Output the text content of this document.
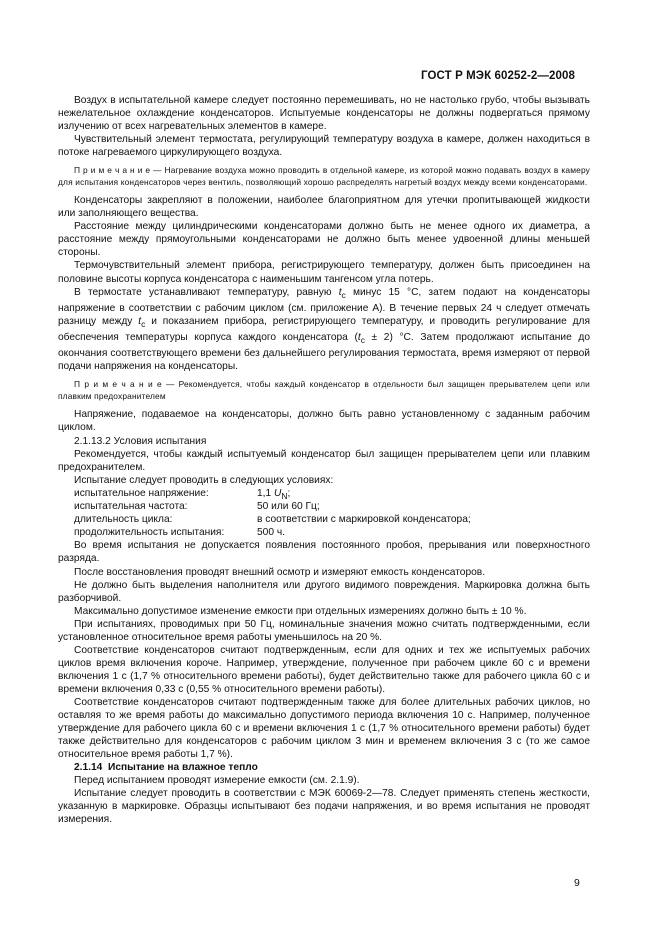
ГОСТ Р МЭК 60252-2—2008

Воздух в испытательной камере следует постоянно перемешивать, но не настолько грубо, чтобы вызывать нежелательное охлаждение конденсаторов. Испытуемые конденсаторы не должны подвергаться прямому излучению от всех нагревательных элементов в камере.

Чувствительный элемент термостата, регулирующий температуру воздуха в камере, должен находиться в потоке нагреваемого циркулирующего воздуха.

П р и м е ч а н и е — Нагревание воздуха можно проводить в отдельной камере, из которой можно подавать воздух в камеру для испытания конденсаторов через вентиль, позволяющий хорошо распределять нагретый воздух между всеми конденсаторами.

Конденсаторы закрепляют в положении, наиболее благоприятном для утечки пропитывающей жидкости или заполняющего вещества.

Расстояние между цилиндрическими конденсаторами должно быть не менее одного их диаметра, а расстояние между прямоугольными конденсаторами не должно быть менее удвоенной длины меньшей стороны.

Термочувствительный элемент прибора, регистрирующего температуру, должен быть присоединен на половине высоты корпуса конденсатора с наименьшим тангенсом угла потерь.

В термостате устанавливают температуру, равную $t_c$ минус 15 °С, затем подают на конденсаторы напряжение в соответствии с рабочим циклом (см. приложение А). В течение первых 24 ч следует отмечать разницу между $t_c$ и показанием прибора, регистрирующего температуру, и проводить регулирование для обеспечения температуры корпуса каждого конденсатора $(t_c \pm 2)$ °С. Затем продолжают испытание до окончания соответствующего времени без дальнейшего регулирования термостата, время измеряют от первой подачи напряжения на конденсаторы.

П р и м е ч а н и е — Рекомендуется, чтобы каждый конденсатор в отдельности был защищен прерывателем цепи или плавким предохранителем

Напряжение, подаваемое на конденсаторы, должно быть равно установленному с заданным рабочим циклом.

2.1.13.2 Условия испытания

Рекомендуется, чтобы каждый испытуемый конденсатор был защищен прерывателем цепи или плавким предохранителем.

Испытание следует проводить в следующих условиях:

испытательное напряжение:	1,1 $U_N$;
испытательная частота:	50 или 60 Гц;
длительность цикла:	в соответствии с маркировкой конденсатора;
продолжительность испытания:	500 ч.

Во время испытания не допускается появления постоянного пробоя, прерывания или поверхностного разряда.

После восстановления проводят внешний осмотр и измеряют емкость конденсаторов.

Не должно быть выделения наполнителя или другого видимого повреждения. Маркировка должна быть разборчивой.

Максимально допустимое изменение емкости при отдельных измерениях должно быть ± 10 %.

При испытаниях, проводимых при 50 Гц, номинальные значения можно считать подтвержденными, если установленное относительное время работы уменьшилось на 20 %.

Соответствие конденсаторов считают подтвержденным, если для одних и тех же испытуемых рабочих циклов время включения короче. Например, утверждение, полученное при рабочем цикле 60 с и времени включения 1 с (1,7 % относительного времени работы), будет действительно также для рабочего цикла 60 с и времени включения 0,33 с (0,55 % относительного времени работы).

Соответствие конденсаторов считают подтвержденным также для более длительных рабочих циклов, но оставляя то же время работы до максимально допустимого периода включения 10 с. Например, полученное утверждение для рабочего цикла 60 с и времени включения 1 с (1,7 % относительного времени работы) будет также действительно для конденсаторов с рабочим циклом 3 мин и временем включения 3 с (то же самое относительное время работы 1,7 %).

2.1.14 Испытание на влажное тепло

Перед испытанием проводят измерение емкости (см. 2.1.9).

Испытание следует проводить в соответствии с МЭК 60069-2—78. Следует применять степень жесткости, указанную в маркировке. Образцы испытывают без подачи напряжения, и во время испытания не проводят измерения.

9
